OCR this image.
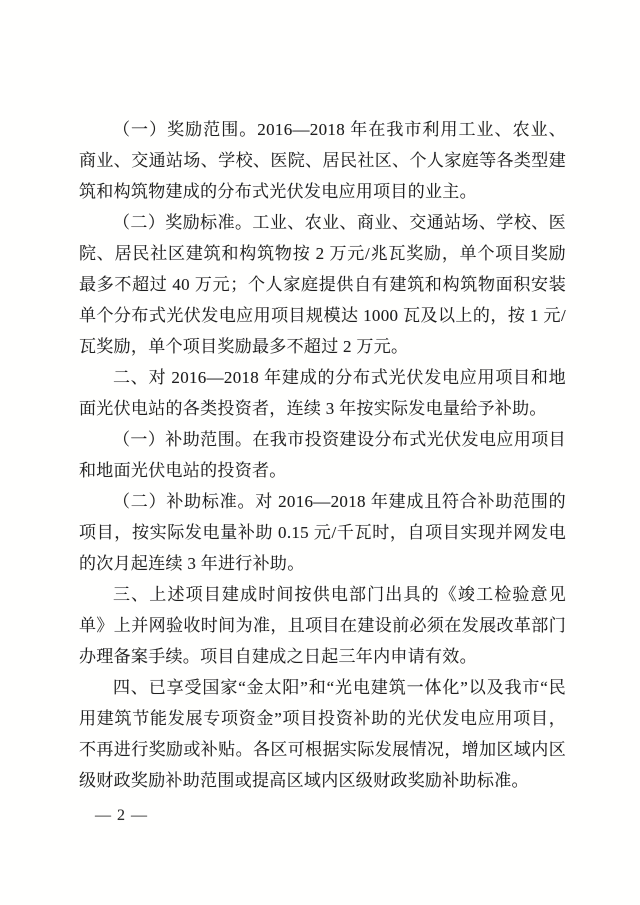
（一）奖励范围。2016—2018 年在我市利用工业、农业、商业、交通站场、学校、医院、居民社区、个人家庭等各类型建筑和构筑物建成的分布式光伏发电应用项目的业主。

（二）奖励标准。工业、农业、商业、交通站场、学校、医院、居民社区建筑和构筑物按 2 万元/兆瓦奖励，单个项目奖励最多不超过 40 万元；个人家庭提供自有建筑和构筑物面积安装单个分布式光伏发电应用项目规模达 1000 瓦及以上的，按 1 元/瓦奖励，单个项目奖励最多不超过 2 万元。

二、对 2016—2018 年建成的分布式光伏发电应用项目和地面光伏电站的各类投资者，连续 3 年按实际发电量给予补助。

（一）补助范围。在我市投资建设分布式光伏发电应用项目和地面光伏电站的投资者。

（二）补助标准。对 2016—2018 年建成且符合补助范围的项目，按实际发电量补助 0.15 元/千瓦时，自项目实现并网发电的次月起连续 3 年进行补助。

三、上述项目建成时间按供电部门出具的《竣工检验意见单》上并网验收时间为准，且项目在建设前必须在发展改革部门办理备案手续。项目自建成之日起三年内申请有效。

四、已享受国家“金太阳”和“光电建筑一体化”以及我市“民用建筑节能发展专项资金”项目投资补助的光伏发电应用项目，不再进行奖励或补贴。各区可根据实际发展情况，增加区域内区级财政奖励补助范围或提高区域内区级财政奖励补助标准。

— 2 —
